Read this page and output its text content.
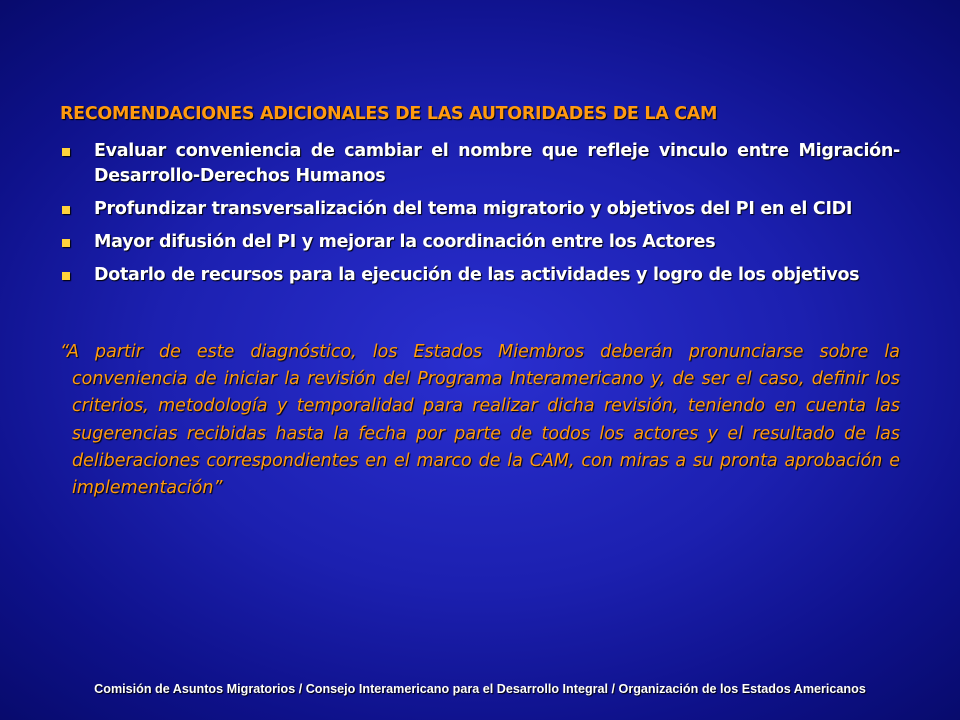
RECOMENDACIONES ADICIONALES DE LAS AUTORIDADES DE LA CAM
Evaluar conveniencia de cambiar el nombre que refleje vinculo entre Migración-Desarrollo-Derechos Humanos
Profundizar transversalización del tema migratorio y objetivos del PI en el CIDI
Mayor difusión del PI y mejorar la coordinación entre los Actores
Dotarlo de recursos para la ejecución de las actividades y logro de los objetivos
“A partir de este diagnóstico, los Estados Miembros deberán pronunciarse sobre la conveniencia de iniciar la revisión del Programa Interamericano y, de ser el caso, definir los criterios, metodología y temporalidad para realizar dicha revisión, teniendo en cuenta las sugerencias recibidas hasta la fecha por parte de todos los actores y el resultado de las deliberaciones correspondientes en el marco de la CAM, con miras a su pronta aprobación e implementación”
Comisión de Asuntos Migratorios / Consejo Interamericano para el Desarrollo Integral / Organización de los Estados Americanos
